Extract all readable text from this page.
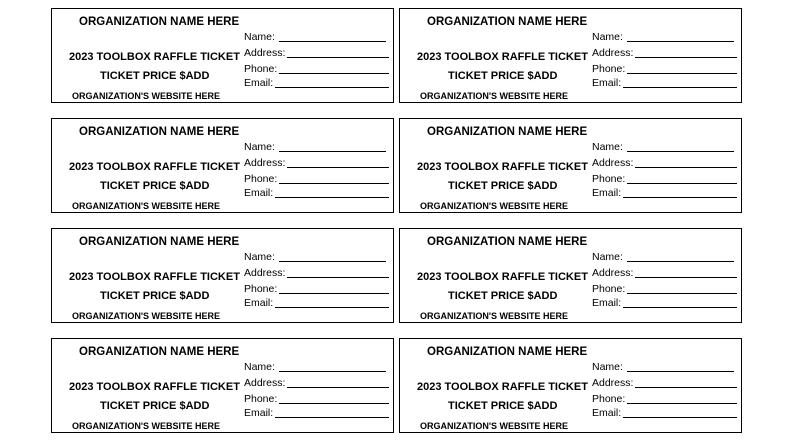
ORGANIZATION NAME HERE
2023 TOOLBOX RAFFLE TICKET
TICKET PRICE $ADD
ORGANIZATION'S WEBSITE HERE
Name:
Address:
Phone:
Email:
ORGANIZATION NAME HERE
2023 TOOLBOX RAFFLE TICKET
TICKET PRICE $ADD
ORGANIZATION'S WEBSITE HERE
Name:
Address:
Phone:
Email:
ORGANIZATION NAME HERE
2023 TOOLBOX RAFFLE TICKET
TICKET PRICE $ADD
ORGANIZATION'S WEBSITE HERE
Name:
Address:
Phone:
Email:
ORGANIZATION NAME HERE
2023 TOOLBOX RAFFLE TICKET
TICKET PRICE $ADD
ORGANIZATION'S WEBSITE HERE
Name:
Address:
Phone:
Email:
ORGANIZATION NAME HERE
2023 TOOLBOX RAFFLE TICKET
TICKET PRICE $ADD
ORGANIZATION'S WEBSITE HERE
Name:
Address:
Phone:
Email:
ORGANIZATION NAME HERE
2023 TOOLBOX RAFFLE TICKET
TICKET PRICE $ADD
ORGANIZATION'S WEBSITE HERE
Name:
Address:
Phone:
Email:
ORGANIZATION NAME HERE
2023 TOOLBOX RAFFLE TICKET
TICKET PRICE $ADD
ORGANIZATION'S WEBSITE HERE
Name:
Address:
Phone:
Email:
ORGANIZATION NAME HERE
2023 TOOLBOX RAFFLE TICKET
TICKET PRICE $ADD
ORGANIZATION'S WEBSITE HERE
Name:
Address:
Phone:
Email:
